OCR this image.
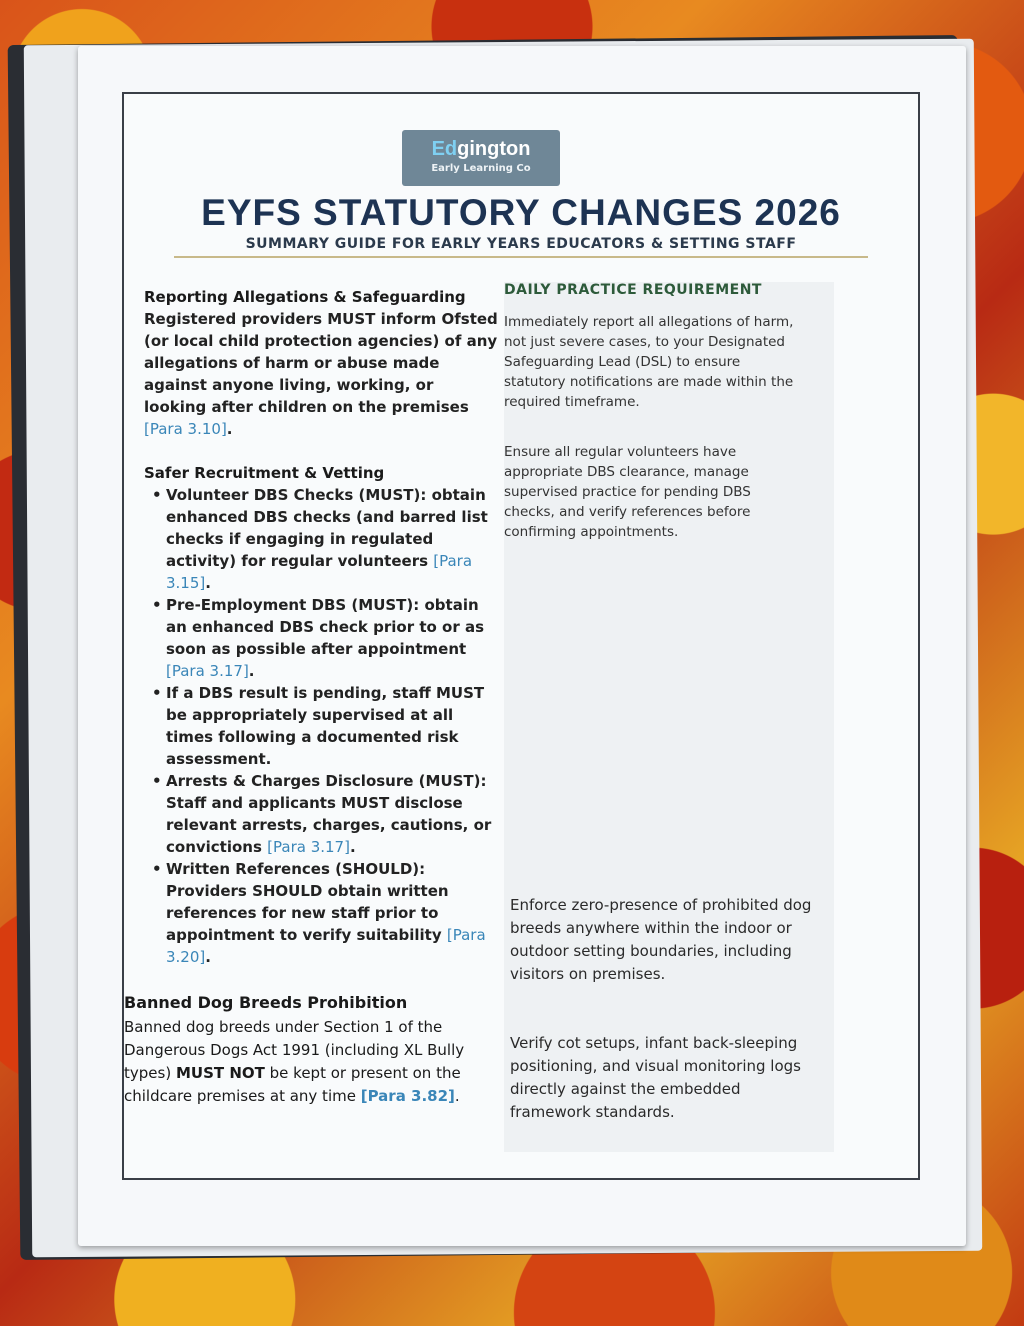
Edgington
Early Learning Co
EYFS STATUTORY CHANGES 2026

SUMMARY GUIDE FOR EARLY YEARS EDUCATORS & SETTING STAFF

Reporting Allegations & Safeguarding

Registered providers MUST inform Ofsted (or local child protection agencies) of any allegations of harm or abuse made against anyone living, working, or looking after children on the premises [Para 3.10].

Safer Recruitment & Vetting

• Volunteer DBS Checks (MUST): obtain enhanced DBS checks (and barred list checks if engaging in regulated activity) for regular volunteers [Para 3.15].
• Pre-Employment DBS (MUST): obtain an enhanced DBS check prior to or as soon as possible after appointment [Para 3.17].
• If a DBS result is pending, staff MUST be appropriately supervised at all times following a documented risk assessment.
• Arrests & Charges Disclosure (MUST): Staff and applicants MUST disclose relevant arrests, charges, cautions, or convictions [Para 3.17].
• Written References (SHOULD): Providers SHOULD obtain written references for new staff prior to appointment to verify suitability [Para 3.20].

Banned Dog Breeds Prohibition

Banned dog breeds under Section 1 of the Dangerous Dogs Act 1991 (including XL Bully types) MUST NOT be kept or present on the childcare premises at any time [Para 3.82].

DAILY PRACTICE REQUIREMENT
Immediately report all allegations of harm, not just severe cases, to your Designated Safeguarding Lead (DSL) to ensure statutory notifications are made within the required timeframe.
Ensure all regular volunteers have appropriate DBS clearance, manage supervised practice for pending DBS checks, and verify references before confirming appointments.
Enforce zero-presence of prohibited dog breeds anywhere within the indoor or outdoor setting boundaries, including visitors on premises.
Verify cot setups, infant back-sleeping positioning, and visual monitoring logs directly against the embedded framework standards.
